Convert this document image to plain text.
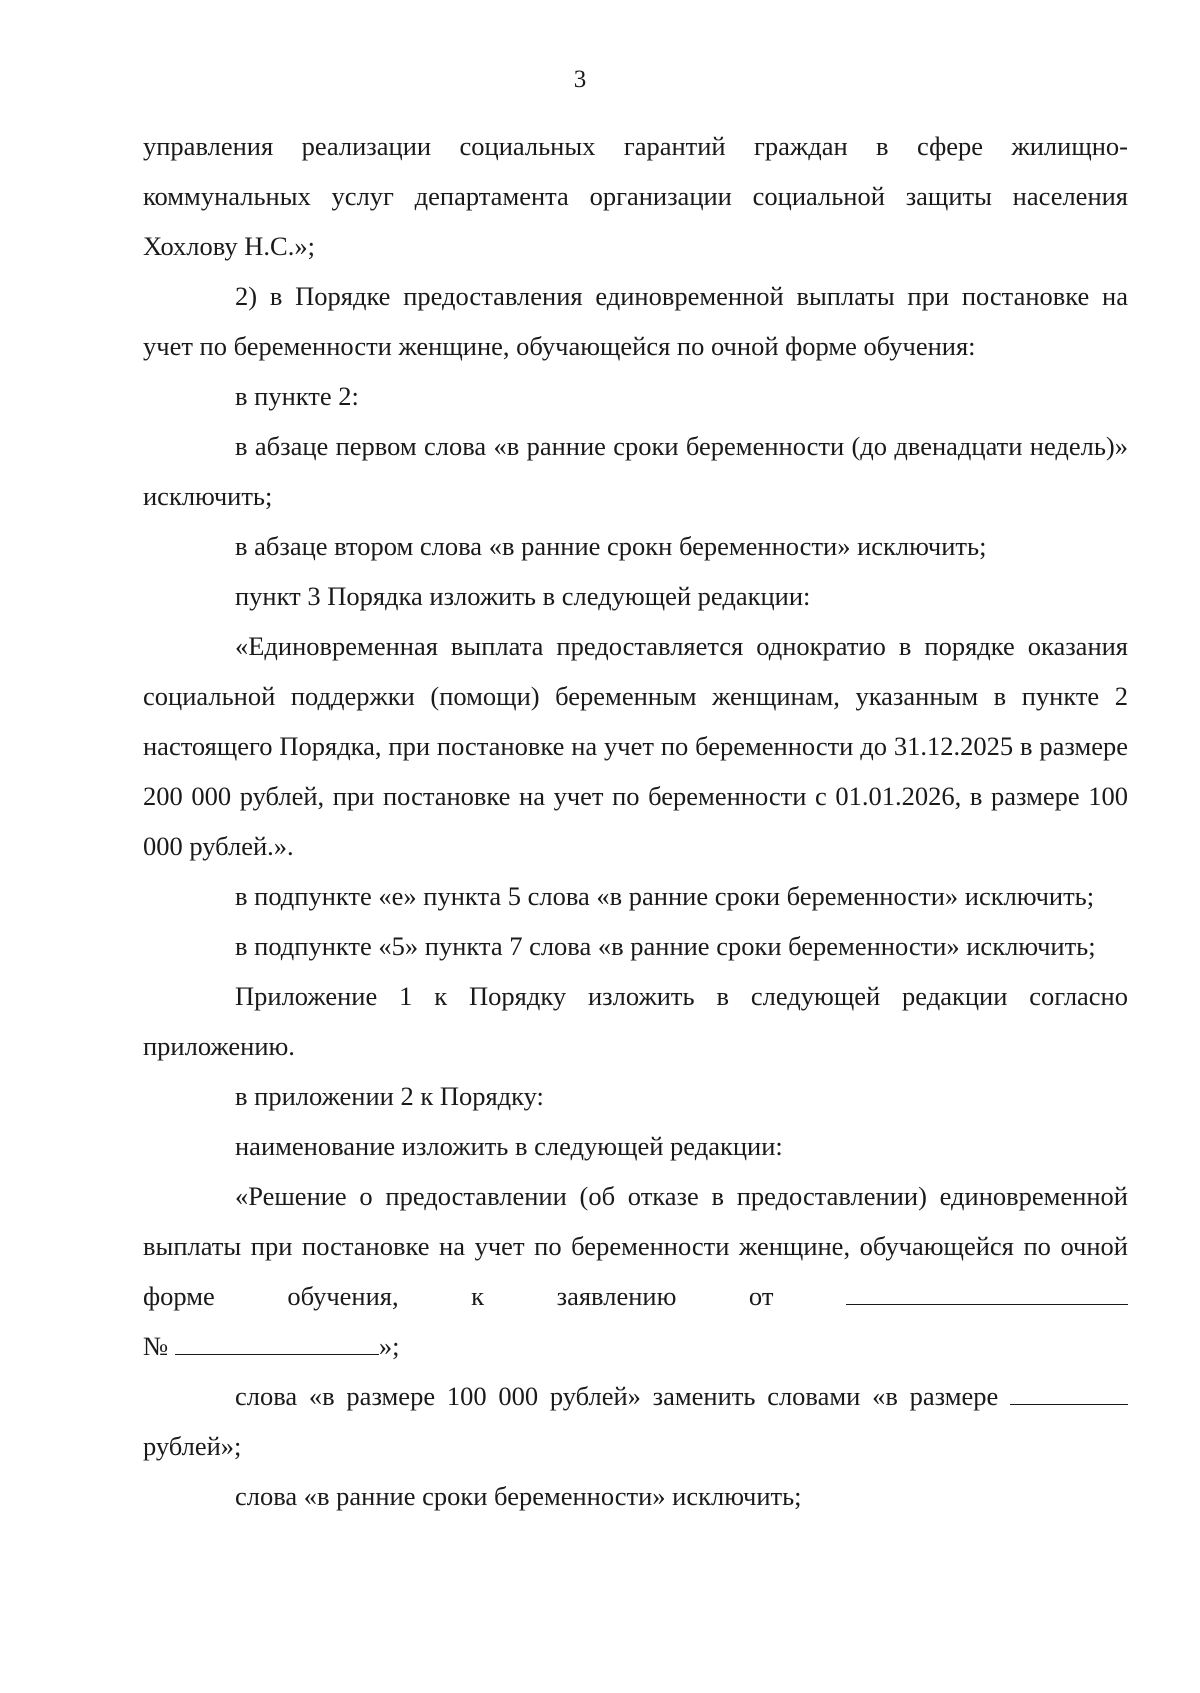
3

управления реализации социальных гарантий граждан в сфере жилищно-коммунальных услуг департамента организации социальной защиты населения Хохлову Н.С.»;

2) в Порядке предоставления единовременной выплаты при постановке на учет по беременности женщине, обучающейся по очной форме обучения:

в пункте 2:

в абзаце первом слова «в ранние сроки беременности (до двенадцати недель)» исключить;

в абзаце втором слова «в ранние срокн беременности» исключить;

пункт 3 Порядка изложить в следующей редакции:

«Единовременная выплата предоставляется однократио в порядке оказания социальной поддержки (помощи) беременным женщинам, указанным в пункте 2 настоящего Порядка, при постановке на учет по беременности до 31.12.2025 в размере 200 000 рублей, при постановке на учет по беременности с 01.01.2026, в размере 100 000 рублей.».

в подпункте «е» пункта 5 слова «в ранние сроки беременности» исключить;

в подпункте «5» пункта 7 слова «в ранние сроки беременности» исключить;

Приложение 1 к Порядку изложить в следующей редакции согласно приложению.

в приложении 2 к Порядку:

наименование изложить в следующей редакции:

«Решение о предоставлении (об отказе в предоставлении) единовременной выплаты при постановке на учет по беременности женщине, обучающейся по очной форме обучения, к заявлению от

№	»;

слова «в размере 100 000 рублей» заменить словами «в размере  рублей»;

слова «в ранние сроки беременности» исключить;
